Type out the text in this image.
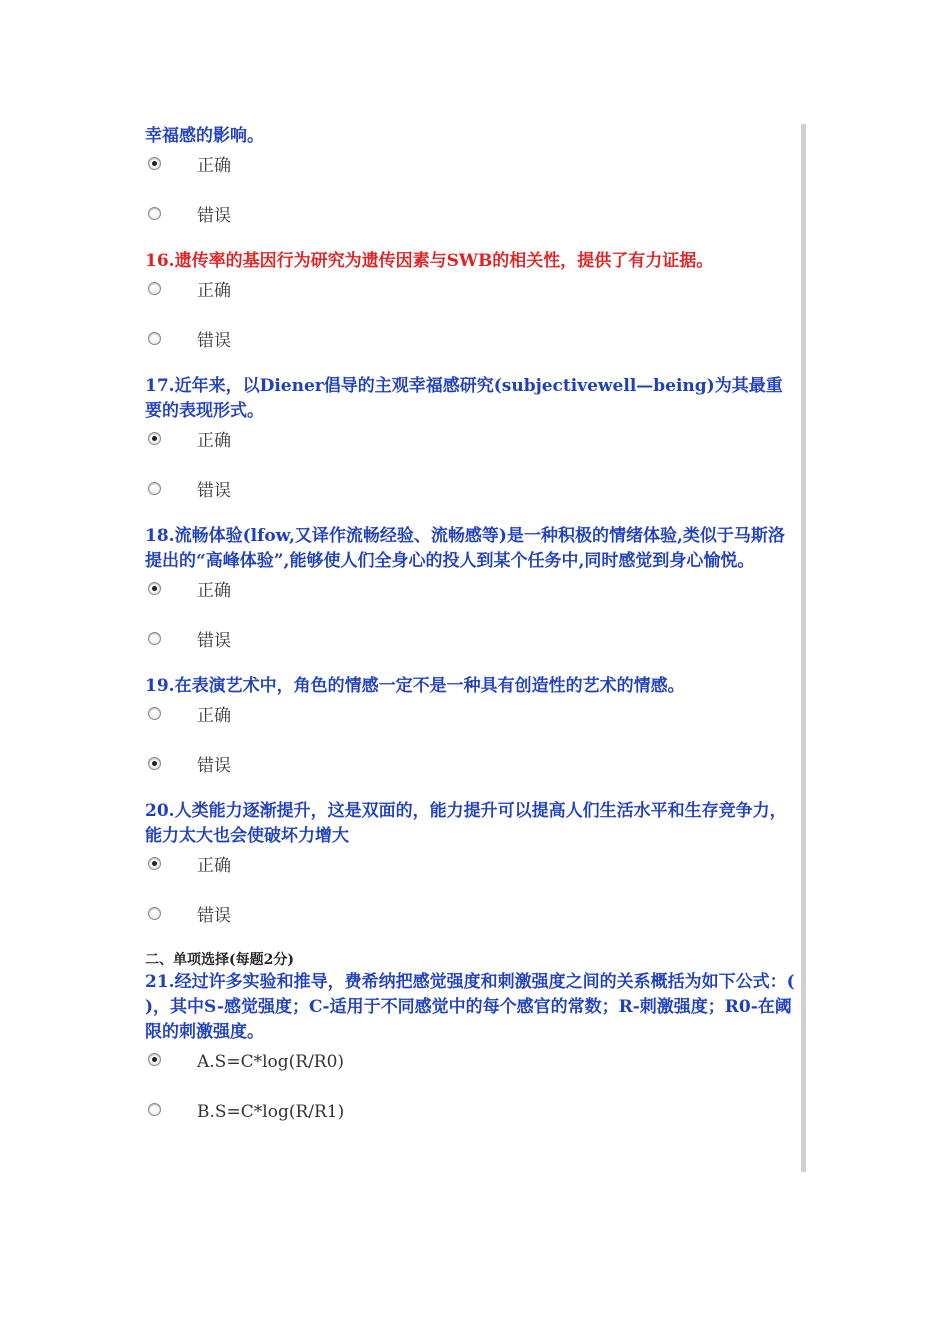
幸福感的影响。

正确
错误

16.遗传率的基因行为研究为遗传因素与SWB的相关性，提供了有力证据。

正确
错误

17.近年来，以Diener倡导的主观幸福感研究(subjectivewell—being)为其最重要的表现形式。

正确
错误

18.流畅体验(lfow,又译作流畅经验、流畅感等)是一种积极的情绪体验,类似于马斯洛提出的“高峰体验”,能够使人们全身心的投人到某个任务中,同时感觉到身心愉悦。

正确
错误

19.在表演艺术中，角色的情感一定不是一种具有创造性的艺术的情感。

正确
错误

20.人类能力逐渐提升，这是双面的，能力提升可以提高人们生活水平和生存竞争力，能力太大也会使破坏力增大

正确
错误

二、单项选择(每题2分)

21.经过许多实验和推导，费希纳把感觉强度和刺激强度之间的关系概括为如下公式：( )，其中S-感觉强度；C-适用于不同感觉中的每个感官的常数；R-刺激强度；R0-在阈限的刺激强度。

A.S=C*log(R/R0)
B.S=C*log(R/R1)
